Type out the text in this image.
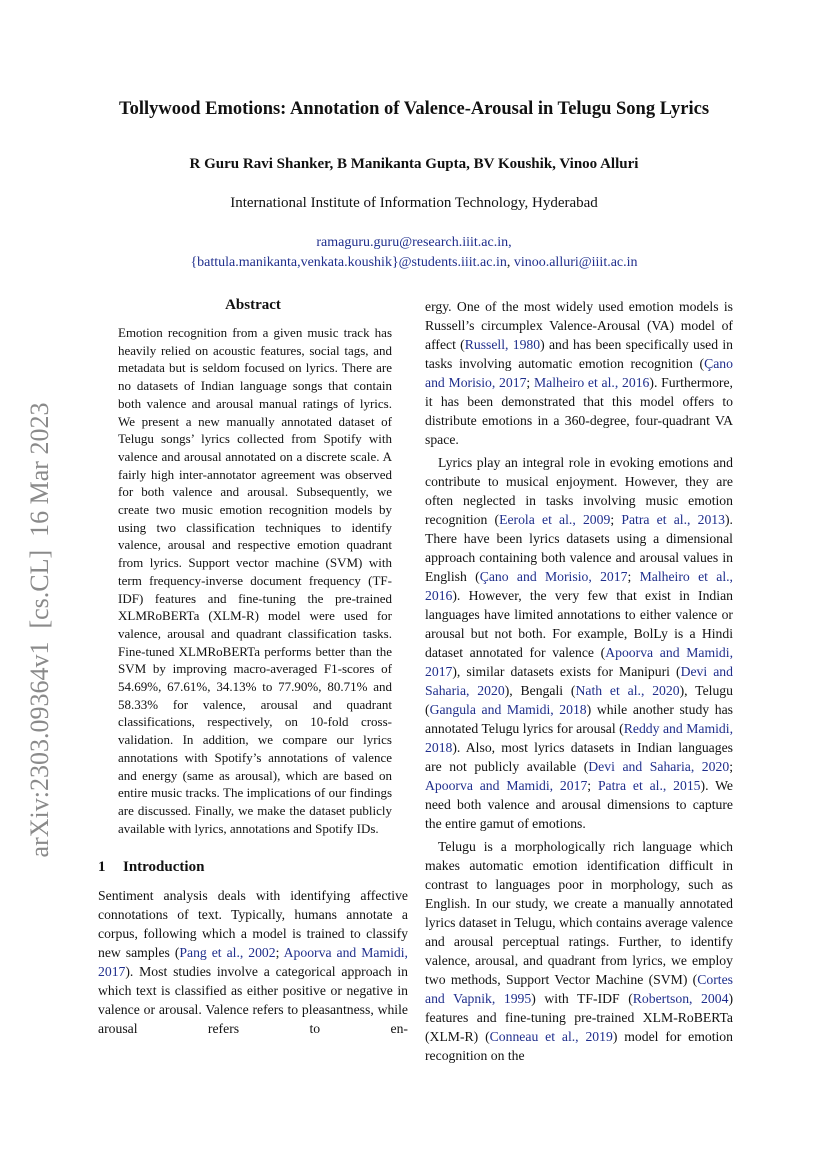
arXiv:2303.09364v1  [cs.CL]  16 Mar 2023
Tollywood Emotions: Annotation of Valence-Arousal in Telugu Song Lyrics
R Guru Ravi Shanker, B Manikanta Gupta, BV Koushik, Vinoo Alluri
International Institute of Information Technology, Hyderabad
ramaguru.guru@research.iiit.ac.in,
{battula.manikanta,venkata.koushik}@students.iiit.ac.in, vinoo.alluri@iiit.ac.in
Abstract

Emotion recognition from a given music track has heavily relied on acoustic features, social tags, and metadata but is seldom focused on lyrics. There are no datasets of Indian language songs that contain both valence and arousal manual ratings of lyrics. We present a new manually annotated dataset of Telugu songs’ lyrics collected from Spotify with valence and arousal annotated on a discrete scale. A fairly high inter-annotator agreement was observed for both valence and arousal. Subsequently, we create two music emotion recognition models by using two classification techniques to identify valence, arousal and respective emotion quadrant from lyrics. Support vector machine (SVM) with term frequency-inverse document frequency (TF-IDF) features and fine-tuning the pre-trained XLMRoBERTa (XLM-R) model were used for valence, arousal and quadrant classification tasks. Fine-tuned XLMRoBERTa performs better than the SVM by improving macro-averaged F1-scores of 54.69%, 67.61%, 34.13% to 77.90%, 80.71% and 58.33% for valence, arousal and quadrant classifications, respectively, on 10-fold cross-validation. In addition, we compare our lyrics annotations with Spotify’s annotations of valence and energy (same as arousal), which are based on entire music tracks. The implications of our findings are discussed. Finally, we make the dataset publicly available with lyrics, annotations and Spotify IDs.

1 Introduction

Sentiment analysis deals with identifying affective connotations of text. Typically, humans annotate a corpus, following which a model is trained to classify new samples (Pang et al., 2002; Apoorva and Mamidi, 2017). Most studies involve a categorical approach in which text is classified as either positive or negative in valence or arousal. Valence refers to pleasantness, while arousal refers to en-

ergy. One of the most widely used emotion models is Russell’s circumplex Valence-Arousal (VA) model of affect (Russell, 1980) and has been specifically used in tasks involving automatic emotion recognition (Çano and Morisio, 2017; Malheiro et al., 2016). Furthermore, it has been demonstrated that this model offers to distribute emotions in a 360-degree, four-quadrant VA space.

Lyrics play an integral role in evoking emotions and contribute to musical enjoyment. However, they are often neglected in tasks involving music emotion recognition (Eerola et al., 2009; Patra et al., 2013). There have been lyrics datasets using a dimensional approach containing both valence and arousal values in English (Çano and Morisio, 2017; Malheiro et al., 2016). However, the very few that exist in Indian languages have limited annotations to either valence or arousal but not both. For example, BolLy is a Hindi dataset annotated for valence (Apoorva and Mamidi, 2017), similar datasets exists for Manipuri (Devi and Saharia, 2020), Bengali (Nath et al., 2020), Telugu (Gangula and Mamidi, 2018) while another study has annotated Telugu lyrics for arousal (Reddy and Mamidi, 2018). Also, most lyrics datasets in Indian languages are not publicly available (Devi and Saharia, 2020; Apoorva and Mamidi, 2017; Patra et al., 2015). We need both valence and arousal dimensions to capture the entire gamut of emotions.

Telugu is a morphologically rich language which makes automatic emotion identification difficult in contrast to languages poor in morphology, such as English. In our study, we create a manually annotated lyrics dataset in Telugu, which contains average valence and arousal perceptual ratings. Further, to identify valence, arousal, and quadrant from lyrics, we employ two methods, Support Vector Machine (SVM) (Cortes and Vapnik, 1995) with TF-IDF (Robertson, 2004) features and fine-tuning pre-trained XLM-RoBERTa (XLM-R) (Conneau et al., 2019) model for emotion recognition on the
